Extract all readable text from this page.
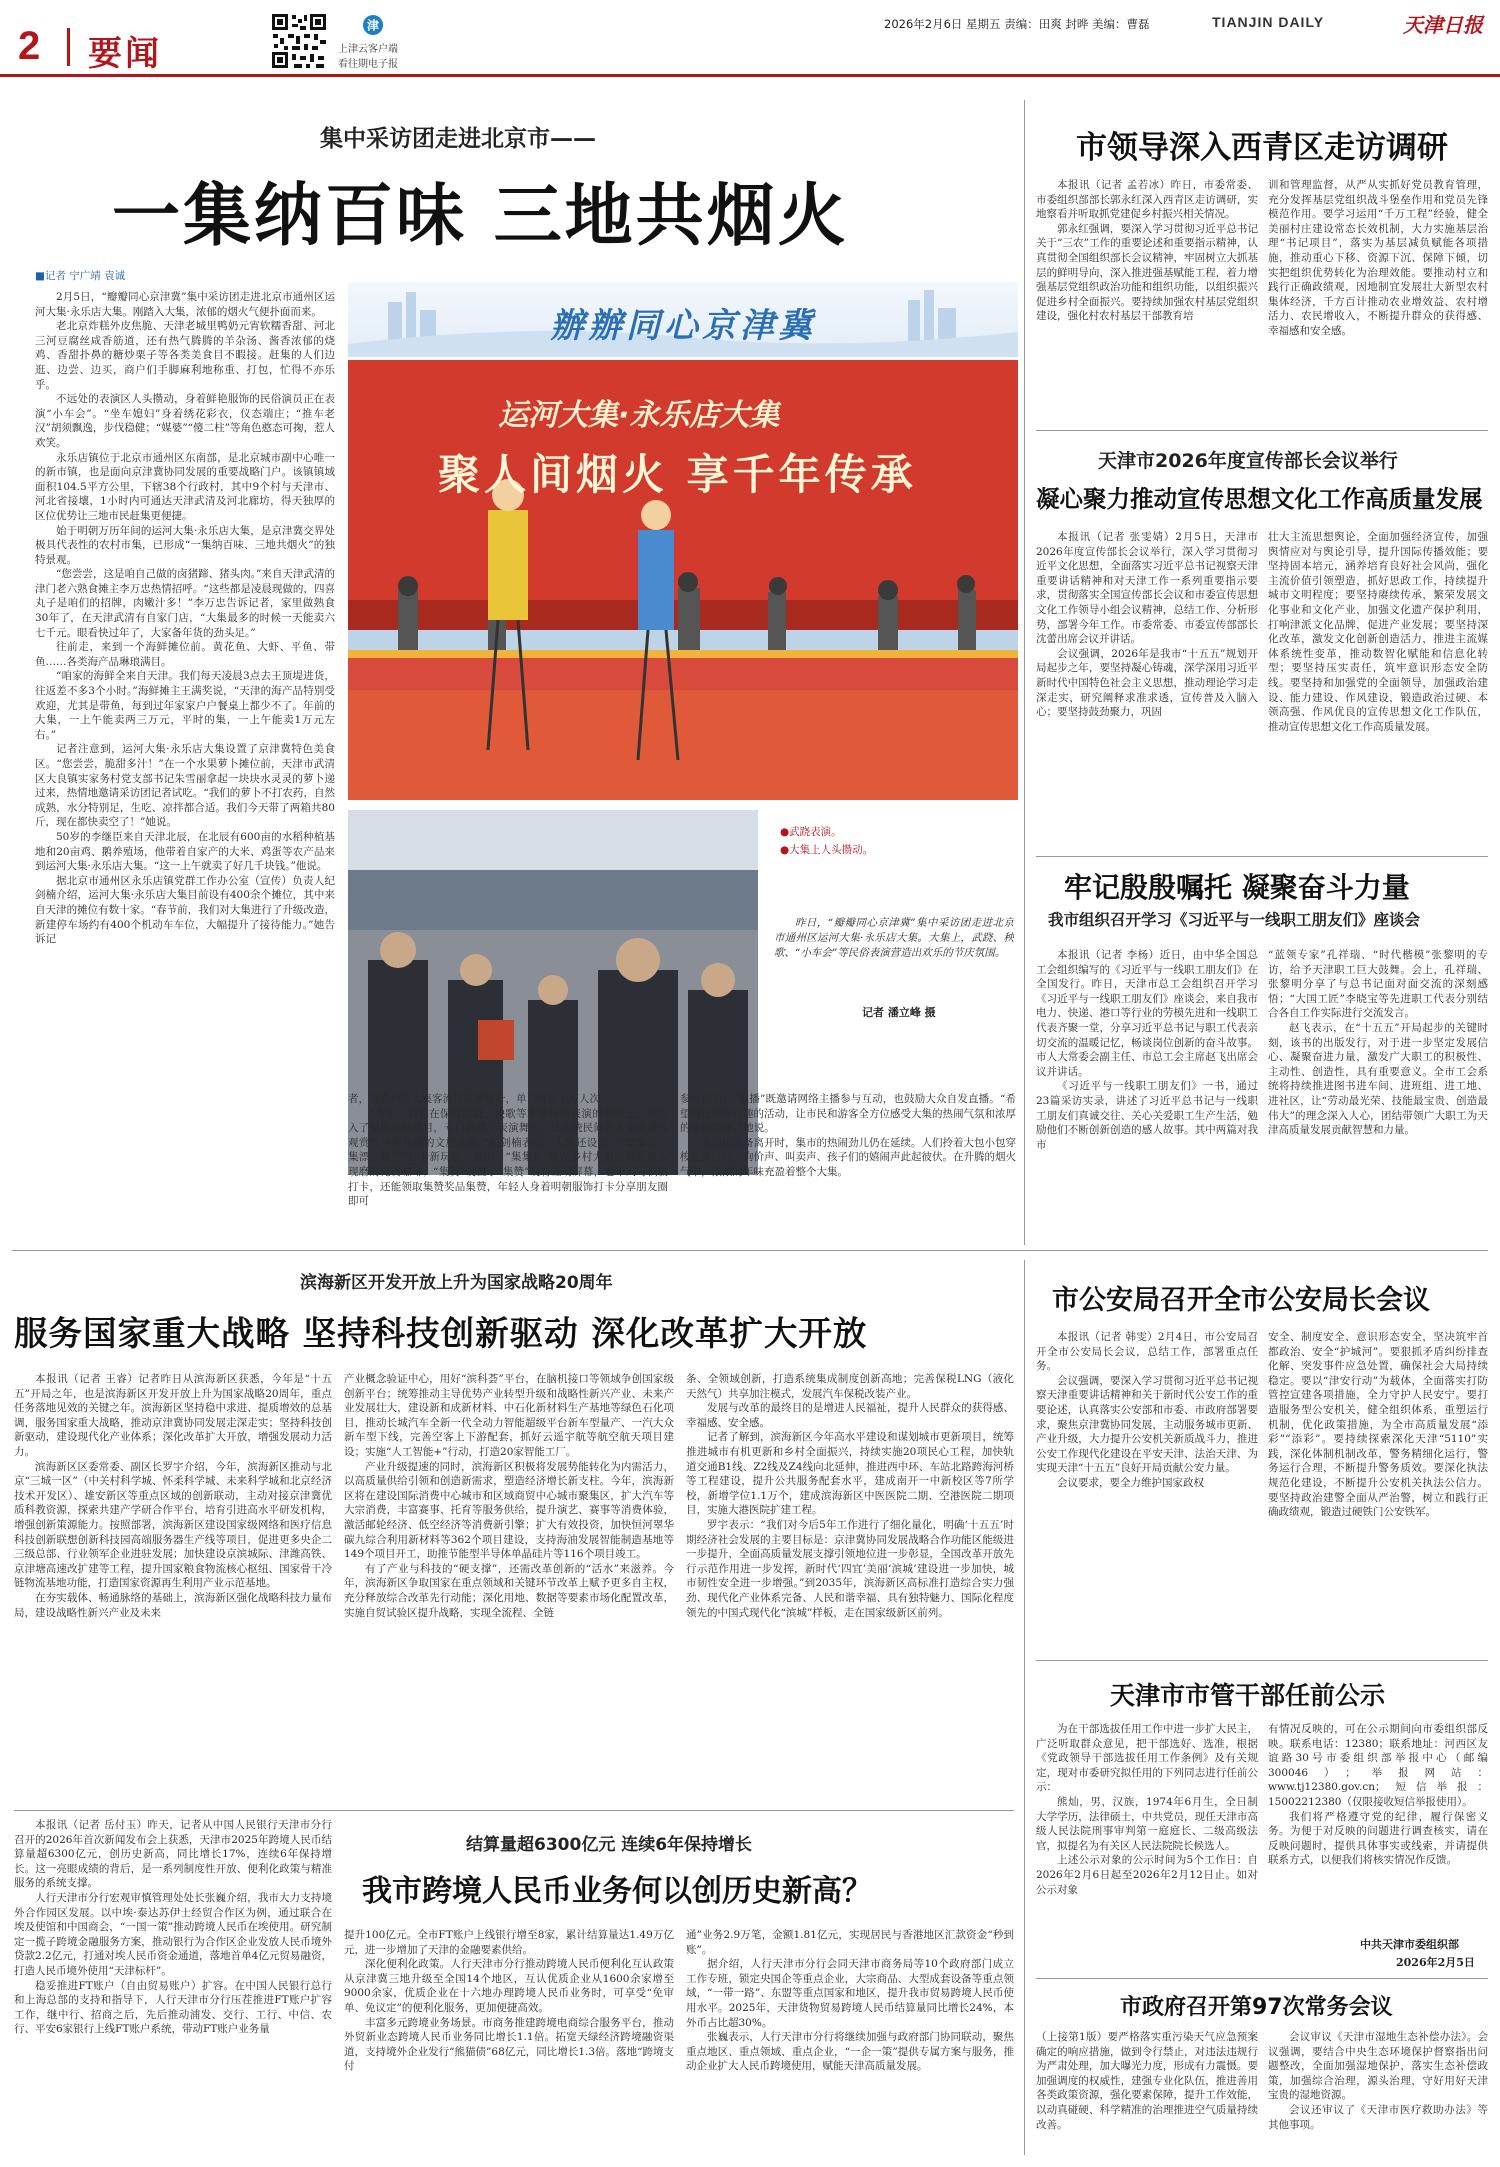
2 要闻
津
上津云客户端
看往期电子报
2026年2月6日 星期五 责编：田爽 封晔 美编：曹磊	TIANJIN DAILY	天津日报
集中采访团走进北京市——
一集纳百味 三地共烟火
■记者 宁广靖 袁诚

2月5日，“瓣瓣同心京津冀”集中采访团走进北京市通州区运河大集·永乐店大集。刚踏入大集，浓郁的烟火气便扑面而来。

老北京炸糕外皮焦脆、天津老城里鸭奶元宵软糯香甜、河北三河豆腐丝咸香筋道，还有热气腾腾的羊杂汤、酱香浓郁的烧鸡、香甜扑鼻的糖炒栗子等各类美食目不暇接。赶集的人们边逛、边尝、边买，商户们手脚麻利地称重、打包，忙得不亦乐乎。

不远处的表演区人头攒动，身着鲜艳服饰的民俗演员正在表演“小车会”。“坐车媳妇”身着绣花彩衣，仪态端庄；“推车老汉”胡须飘逸，步伐稳健；“媒婆”“傻二柱”等角色憨态可掬，惹人欢笑。

永乐店镇位于北京市通州区东南部，是北京城市副中心唯一的新市镇，也是面向京津冀协同发展的重要战略门户。该镇镇域面积104.5平方公里，下辖38个行政村，其中9个村与天津市、河北省接壤，1小时内可通达天津武清及河北廊坊，得天独厚的区位优势让三地市民赶集更便捷。

始于明朝万历年间的运河大集·永乐店大集，是京津冀交界处极具代表性的农村市集，已形成“一集纳百味、三地共烟火”的独特景观。

“您尝尝，这是咱自己做的卤猪蹄、猪头肉。”来自天津武清的津门老六熟食摊主李万忠热情招呼。“这些都是凌晨现做的，四喜丸子是咱们的招牌，肉嫩汁多！”李万忠告诉记者，家里做熟食30年了，在天津武清有自家门店，“大集最多的时候一天能卖六七千元。眼看快过年了，大家备年货的劲头足。”

往前走，来到一个海鲜摊位前。黄花鱼、大虾、平鱼、带鱼……各类海产品琳琅满目。

“咱家的海鲜全来自天津。我们每天凌晨3点去王顶堤进货，往返差不多3个小时。”海鲜摊主王满奖说，“天津的海产品特别受欢迎，尤其是带鱼，每到过年家家户户餐桌上都少不了。年前的大集，一上午能卖两三万元，平时的集，一上午能卖1万元左右。”

记者注意到，运河大集·永乐店大集设置了京津冀特色美食区。“您尝尝，脆甜多汁！”在一个水果萝卜摊位前，天津市武清区大良镇实家务村党支部书记朱雪丽拿起一块块水灵灵的萝卜递过来，热情地邀请采访团记者试吃。“我们的萝卜不打农药，自然成熟，水分特别足，生吃、凉拌都合适。我们今天带了两箱共80斤，现在都快卖空了！”她说。

50岁的李继臣来自天津北辰，在北辰有600亩的水稻种植基地和20亩鸡、鹅养殖场，他带着自家产的大米、鸡蛋等农产品来到运河大集·永乐店大集。“这一上午就卖了好几千块钱。”他说。

据北京市通州区永乐店镇党群工作办公室（宣传）负责人纪剑楠介绍，运河大集·永乐店大集目前设有400余个摊位，其中来自天津的摊位有数十家。“春节前，我们对大集进行了升级改造，新建停车场约有400个机动车车位，大幅提升了接待能力。”她告诉记

辦辦同心京津冀
运河大集·永乐店大集
聚人间烟火 享千年传承
●武跷表演。
●大集上人头攒动。
昨日，“瓣瓣同心京津冀”集中采访团走进北京市通州区运河大集·永乐店大集。大集上，武跷、秧歌、“小车会”等民俗表演营造出欢乐的节庆氛围。
记者 潘立峰 摄

者，改造后的大集客流量显著提升，单日可达上万人次。

“今年，我们在保留武跷、秧歌等本地民俗表演的基础上，还引入了吴桥杂技项目，专门搭建了表演舞台，让传统民间艺术变成兼具观赏性与参与感的文旅体验。”纪剑楠表示，大集还设置了“集集乐、集漂、集赞”打卡新玩法。其中，“集集乐”能在乡村大集喝到机器人现磨的免费咖啡；“集赞”设置了“集赞”设有互动屏幕，老年人可积极打卡，还能领取集赞奖品集赞，年轻人身着明朝服饰打卡分享朋友圈即可

参与活动；“集播”既邀请网络主播参与互动，也鼓励大众自发直播。“希望通过这些有趣的活动，让市民和游客全方位感受大集的热闹气氛和浓厚的年俗韵味。”她说。

采访团准备离开时，集市的热闹劲儿仍在延续。人们拎着大包小包穿梭在摊位间，询价声、叫卖声、孩子们的嬉闹声此起彼伏。在升腾的烟火气中，浓浓的年味充盈着整个大集。

市领导深入西青区走访调研

本报讯（记者 孟若冰）昨日，市委常委、市委组织部部长郭永红深入西青区走访调研，实地察看并听取抓党建促乡村振兴相关情况。

郭永红强调，要深入学习贯彻习近平总书记关于“三农”工作的重要论述和重要指示精神，认真贯彻全国组织部长会议精神，牢固树立大抓基层的鲜明导向，深入推进强基赋能工程，着力增强基层党组织政治功能和组织功能，以组织振兴促进乡村全面振兴。要持续加强农村基层党组织建设，强化村农村基层干部教育培

训和管理监督，从严从实抓好党员教育管理，充分发挥基层党组织战斗堡垒作用和党员先锋模范作用。要学习运用“千万工程”经验，健全美丽村庄建设常态长效机制，大力实施基层治理“书记项目”，落实为基层减负赋能各项措施，推动重心下移、资源下沉、保障下倾，切实把组织优势转化为治理效能。要推动村立和践行正确政绩观，因地制宜发展壮大新型农村集体经济，千方百计推动农业增效益、农村增活力、农民增收入，不断提升群众的获得感、幸福感和安全感。

天津市2026年度宣传部长会议举行
凝心聚力推动宣传思想文化工作高质量发展

本报讯（记者 张雯婧）2月5日，天津市2026年度宣传部长会议举行，深入学习贯彻习近平文化思想，全面落实习近平总书记视察天津重要讲话精神和对天津工作一系列重要指示要求，贯彻落实全国宣传部长会议和市委宣传思想文化工作领导小组会议精神，总结工作、分析形势，部署今年工作。市委常委、市委宣传部部长沈蕾出席会议并讲话。

会议强调，2026年是我市“十五五”规划开局起步之年，要坚持凝心铸魂，深学深用习近平新时代中国特色社会主义思想，推动理论学习走深走实，研究阐释求准求透，宣传普及入脑入心；要坚持鼓劲聚力，巩固

壮大主流思想舆论，全面加强经济宣传，加强舆情应对与舆论引导，提升国际传播效能；要坚持固本培元，涵养培育良好社会风尚，强化主流价值引领塑造，抓好思政工作，持续提升城市文明程度；要坚持赓续传承，繁荣发展文化事业和文化产业，加强文化遗产保护利用，打响津派文化品牌，促进产业发展；要坚持深化改革，激发文化创新创造活力，推进主流媒体系统性变革，推动数智化赋能和信息化转型；要坚持压实责任，筑牢意识形态安全防线。要坚持和加强党的全面领导，加强政治建设、能力建设、作风建设，锻造政治过硬、本领高强、作风优良的宣传思想文化工作队伍，推动宣传思想文化工作高质量发展。

牢记殷殷嘱托 凝聚奋斗力量
我市组织召开学习《习近平与一线职工朋友们》座谈会

本报讯（记者 李杨）近日，由中华全国总工会组织编写的《习近平与一线职工朋友们》在全国发行。昨日，天津市总工会组织召开学习《习近平与一线职工朋友们》座谈会，来自我市电力、快递、港口等行业的劳模先进和一线职工代表齐聚一堂，分享习近平总书记与职工代表亲切交流的温暖记忆，畅谈岗位创新的奋斗故事。市人大常委会副主任、市总工会主席赵飞出席会议并讲话。

《习近平与一线职工朋友们》一书，通过23篇采访实录，讲述了习近平总书记与一线职工朋友们真诚交往、关心关爱职工生产生活，勉励他们不断创新创造的感人故事。其中两篇对我市

“蓝领专家”孔祥瑞、“时代楷模”张黎明的专访，给予天津职工巨大鼓舞。会上，孔祥瑞、张黎明分享了与总书记面对面交流的深刻感悟；“大国工匠”李晓宝等先进职工代表分别结合各自工作实际进行交流发言。

赵飞表示，在“十五五”开局起步的关键时刻，该书的出版发行，对于进一步坚定发展信心、凝聚奋进力量，激发广大职工的积极性、主动性、创造性，具有重要意义。全市工会系统将持续推进图书进车间、进班组、进工地、进社区，让“劳动最光荣、技能最宝贵、创造最伟大”的理念深入人心，团结带领广大职工为天津高质量发展贡献智慧和力量。

滨海新区开发开放上升为国家战略20周年
服务国家重大战略 坚持科技创新驱动 深化改革扩大开放

本报讯（记者 王睿）记者昨日从滨海新区获悉，今年是“十五五”开局之年，也是滨海新区开发开放上升为国家战略20周年，重点任务落地见效的关键之年。滨海新区坚持稳中求进、提质增效的总基调，服务国家重大战略，推动京津冀协同发展走深走实；坚持科技创新驱动，建设现代化产业体系；深化改革扩大开放，增强发展动力活力。

滨海新区区委常委、副区长罗宇介绍，今年，滨海新区推动与北京“三城一区”（中关村科学城、怀柔科学城、未来科学城和北京经济技术开发区）、雄安新区等重点区域的创新联动，主动对接京津冀优质科教资源，探索共建产学研合作平台，培育引进高水平研发机构，增强创新策源能力。按照部署，滨海新区建设国家级网络和医疗信息科技创新联想创新科技园高端服务器生产线等项目，促进更多央企二三级总部、行业领军企业进驻发展；加快建设京滨城际、津潍高铁、京津塘高速改扩建等工程，提升国家粮食物流核心枢纽、国家骨干冷链物流基地功能，打造国家资源再生利用产业示范基地。

在夯实载体、畅通脉络的基础上，滨海新区强化战略科技力量布局，建设战略性新兴产业及未来

产业概念验证中心，用好“滨科荟”平台，在脑机接口等领域争创国家级创新平台；统筹推动主导优势产业转型升级和战略性新兴产业、未来产业发展壮大，建设新和成新材料、中石化新材料生产基地等绿色石化项目，推动长城汽车全新一代全动力智能超级平台新车型量产、一汽大众新车型下线，完善空客上下游配套，抓好云遥宇航等航空航天项目建设；实施“人工智能+”行动，打造20家智能工厂。

产业升级提速的同时，滨海新区积极将发展势能转化为内需活力，以高质量供给引领和创造新需求，塑造经济增长新支柱。今年，滨海新区将在建设国际消费中心城市和区域商贸中心城市聚集区，扩大汽车等大宗消费，丰富赛事、托育等服务供给，提升演艺、赛事等消费体验，激活邮轮经济、低空经济等消费新引擎；扩大有效投资，加快恒河翠华碳九综合利用新材料等362个项目建设，支持海油发展智能制造基地等149个项目开工，助推节能型半导体单晶硅片等116个项目竣工。

有了产业与科技的“硬支撑”，还需改革创新的“活水”来滋养。今年，滨海新区争取国家在重点领域和关键环节改革上赋予更多自主权，充分释放综合改革先行动能；深化用地、数据等要素市场化配置改革，实施自贸试验区提升战略，实现全流程、全链

条、全领域创新，打造系统集成制度创新高地；完善保税LNG（液化天然气）共享加注模式，发展汽车保税改装产业。

发展与改革的最终目的是增进人民福祉，提升人民群众的获得感、幸福感、安全感。

记者了解到，滨海新区今年高水平建设和谋划城市更新项目，统筹推进城市有机更新和乡村全面振兴，持续实施20项民心工程，加快轨道交通B1线、Z2线及Z4线向北延伸，推进西中环、车站北路跨海河桥等工程建设，提升公共服务配套水平，建成南开一中新校区等7所学校，新增学位1.1万个，建成滨海新区中医医院二期、空港医院二期项目，实施大港医院扩建工程。

罗宇表示：“我们对今后5年工作进行了细化量化，明确‘十五五’时期经济社会发展的主要目标是：京津冀协同发展战略合作功能区能级进一步提升，全面高质量发展支撑引领地位进一步彰显，全国改革开放先行示范作用进一步发挥，新时代‘四宜’美丽‘滨城’建设进一步加快，城市韧性安全进一步增强。”到2035年，滨海新区高标准打造综合实力强劲、现代化产业体系完备、人民和谐幸福、具有独特魅力、国际化程度领先的中国式现代化“滨城”样板，走在国家级新区前列。

本报讯（记者 岳付玉）昨天，记者从中国人民银行天津市分行召开的2026年首次新闻发布会上获悉，天津市2025年跨境人民币结算量超6300亿元，创历史新高，同比增长17%，连续6年保持增长。这一亮眼成绩的背后，是一系列制度性开放、便利化政策与精准服务的系统支撑。

人行天津市分行宏观审慎管理处处长张巍介绍，我市大力支持境外合作园区发展。以中埃·泰达苏伊士经贸合作区为例，通过联合在埃及使馆和中国商会，“一国一策”推动跨境人民币在埃使用。研究制定一揽子跨境金融服务方案，推动银行为合作区企业发放人民币境外贷款2.2亿元，打通对埃人民币资金通道，落地首单4亿元贸易融资，打造人民币境外使用“天津标杆”。

稳妥推进FT账户（自由贸易账户）扩容。在中国人民银行总行和上海总部的支持和指导下，人行天津市分行压茬推进FT账户扩容工作，继中行、招商之后，先后推动浦发、交行、工行、中信、农行、平安6家银行上线FT账户系统，带动FT账户业务量

结算量超6300亿元 连续6年保持增长
我市跨境人民币业务何以创历史新高？

提升100亿元。全市FT账户上线银行增至8家，累计结算量达1.49万亿元，进一步增加了天津的金融要素供给。

深化便利化政策。人行天津市分行推动跨境人民币便利化互认政策从京津冀三地升级至全国14个地区，互认优质企业从1600余家增至9000余家，优质企业在十六地办理跨境人民币业务时，可享受“免审单、免议定”的便利化服务，更加便捷高效。

丰富多元跨境业务场景。市商务推建跨境电商综合服务平台，推动外贸新业态跨境人民币业务同比增长1.1倍。拓宽天绿经济跨境融资渠道，支持境外企业发行“熊猫债”68亿元，同比增长1.3倍。落地“跨境支付

通”业务2.9万笔，金额1.81亿元，实现居民与香港地区汇款资金“秒到账”。

据介绍，人行天津市分行会同天津市商务局等10个政府部门成立工作专班，锁定央国企等重点企业，大宗商品、大型成套设备等重点领域，“一带一路”、东盟等重点国家和地区，提升我市贸易跨境人民币使用水平。2025年，天津货物贸易跨境人民币结算量同比增长24%，本外币占比超30%。

张巍表示，人行天津市分行将继续加强与政府部门协同联动，聚焦重点地区、重点领域、重点企业，“一企一策”提供专属方案与服务，推动企业扩大人民币跨境使用，赋能天津高质量发展。

市公安局召开全市公安局长会议

本报讯（记者 韩雯）2月4日，市公安局召开全市公安局长会议，总结工作，部署重点任务。

会议强调，要深入学习贯彻习近平总书记视察天津重要讲话精神和关于新时代公安工作的重要论述，认真落实公安部和市委、市政府部署要求，聚焦京津冀协同发展，主动服务城市更新、产业升级，大力提升公安机关新质战斗力，推进公安工作现代化建设在平安天津、法治天津、为实现天津“十五五”良好开局贡献公安力量。

会议要求，要全力维护国家政权

安全、制度安全、意识形态安全，坚决筑牢首都政治、安全“护城河”。要狠抓矛盾纠纷排查化解、突发事件应急处置，确保社会大局持续稳定。要以“津安行动”为载体，全面落实打防管控宣建各项措施，全力守护人民安宁。要打造服务型公安机关，健全组织体系，重塑运行机制，优化政策措施，为全市高质量发展“添彩”“添彩”。要持续探索深化天津“5110”实践，深化体制机制改革，警务精细化运行，警务运行合理，不断提升警务质效。要深化执法规范化建设，不断提升公安机关执法公信力。要坚持政治建警全面从严治警，树立和践行正确政绩观，锻造过硬铁门公安铁军。

天津市市管干部任前公示

为在干部选拔任用工作中进一步扩大民主，广泛听取群众意见，把干部选好、选准，根据《党政领导干部选拔任用工作条例》及有关规定，现对市委研究拟任用的下列同志进行任前公示：

熊灿，男，汉族，1974年6月生，全日制大学学历，法律硕士，中共党员，现任天津市高级人民法院刑事审判第一庭庭长、二级高级法官，拟提名为有关区人民法院院长候选人。

上述公示对象的公示时间为5个工作日：自2026年2月6日起至2026年2月12日止。如对公示对象

有情况反映的，可在公示期间向市委组织部反映。联系电话：12380；联系地址：河西区友谊路30号市委组织部举报中心（邮编300046）；举报网站：www.tj12380.gov.cn；短信举报：15002212380（仅限接收短信举报使用）。

我们将严格遵守党的纪律，履行保密义务。为便于对反映的问题进行调查核实，请在反映问题时，提供具体事实或线索，并请提供联系方式，以便我们将核实情况作反馈。

中共天津市委组织部
2026年2月5日
市政府召开第97次常务会议

（上接第1版）要严格落实重污染天气应急预案确定的响应措施，做到令行禁止，对违法违规行为严肃处理，加大曝光力度，形成有力震慑。要加强调度的权威性，建强专业化队伍，推进善用各类政策资源，强化要素保障，提升工作效能，以动真碰硬、科学精准的治理推进空气质量持续改善。

会议审议《天津市湿地生态补偿办法》。会议强调，要结合中央生态环境保护督察指出问题整改，全面加强湿地保护，落实生态补偿政策，加强综合治理，源头治理，守好用好天津宝贵的湿地资源。

会议还审议了《天津市医疗救助办法》等其他事项。
